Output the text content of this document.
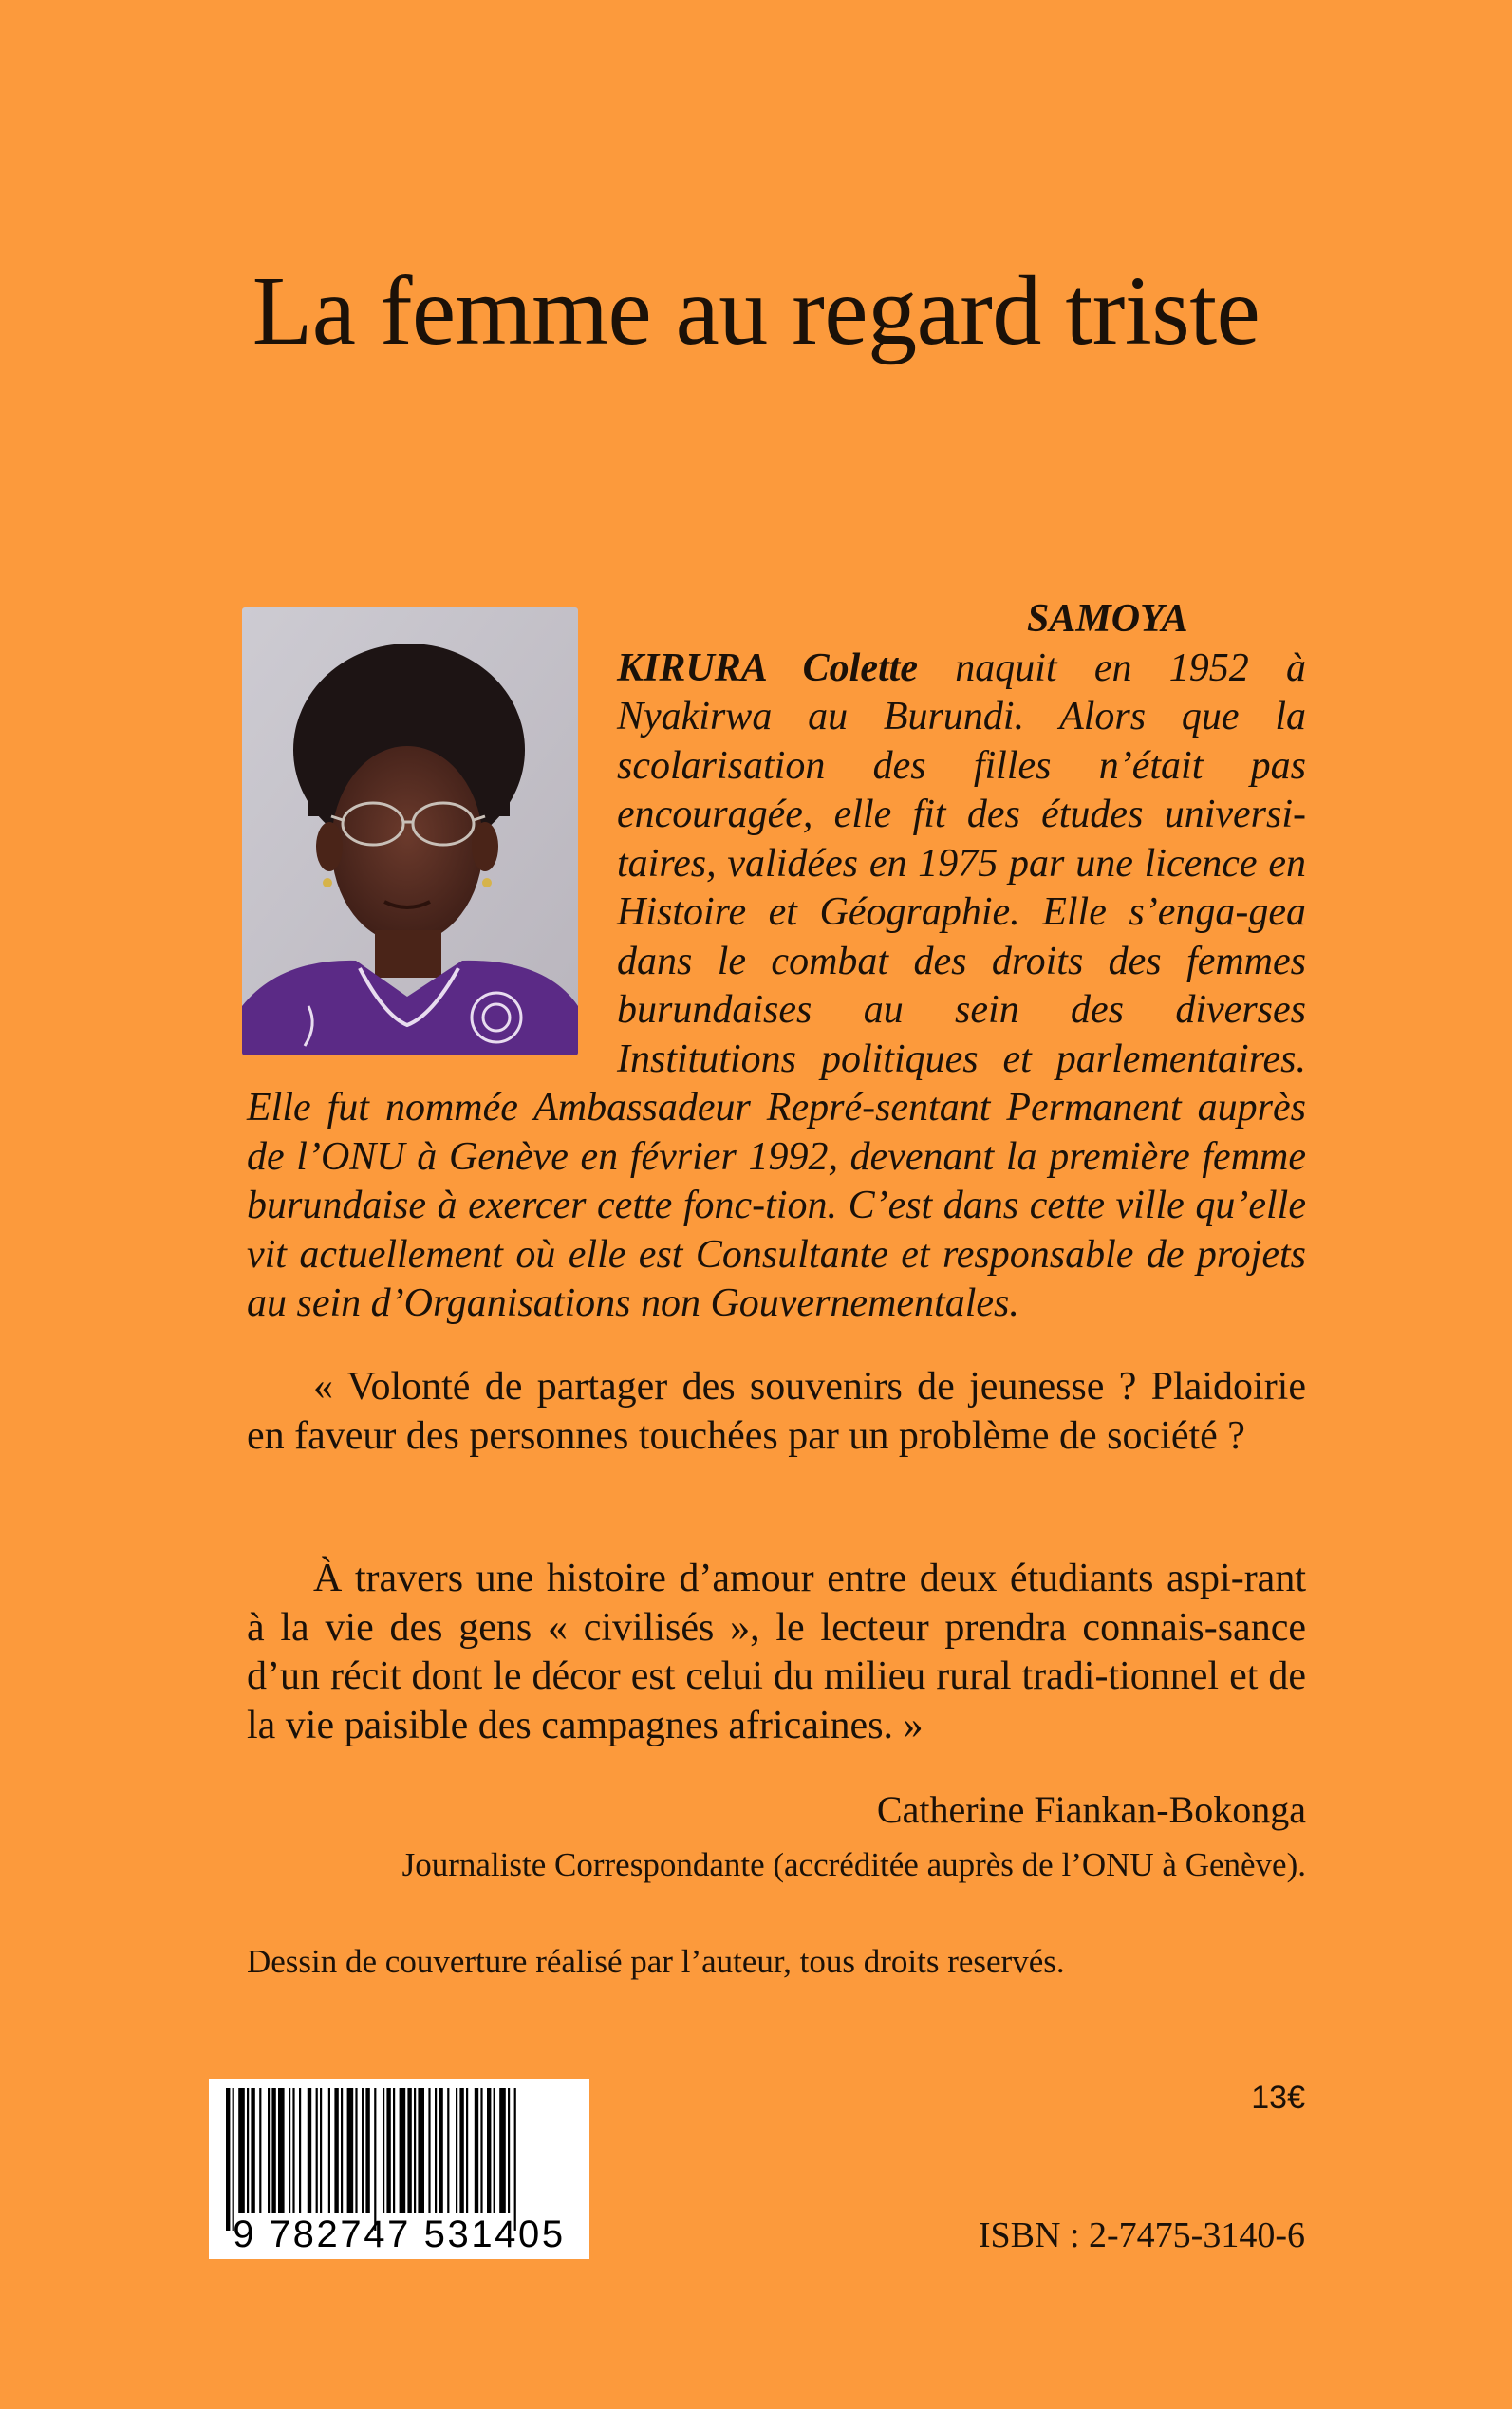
La femme au regard triste

SAMOYA KIRURA Colette naquit en 1952 à Nyakirwa au Burundi. Alors que la scolarisation des filles n’était pas encouragée, elle fit des études universi-taires, validées en 1975 par une licence en Histoire et Géographie. Elle s’enga-gea dans le combat des droits des femmes burundaises au sein des diverses Institutions politiques et parlementaires. Elle fut nommée Ambassadeur Repré-sentant Permanent auprès de l’ONU à Genève en février 1992, devenant la première femme burundaise à exercer cette fonc-tion. C’est dans cette ville qu’elle vit actuellement où elle est Consultante et responsable de projets au sein d’Organisations non Gouvernementales.

« Volonté de partager des souvenirs de jeunesse ? Plaidoirie en faveur des personnes touchées par un problème de société ?

À travers une histoire d’amour entre deux étudiants aspi-rant à la vie des gens « civilisés », le lecteur prendra connais-sance d’un récit dont le décor est celui du milieu rural tradi-tionnel et de la vie paisible des campagnes africaines. »

Catherine Fiankan-Bokonga

Journaliste Correspondante (accréditée auprès de l’ONU à Genève).

Dessin de couverture réalisé par l’auteur, tous droits reservés.

13€

9 782747 531405	ISBN : 2-7475-3140-6
